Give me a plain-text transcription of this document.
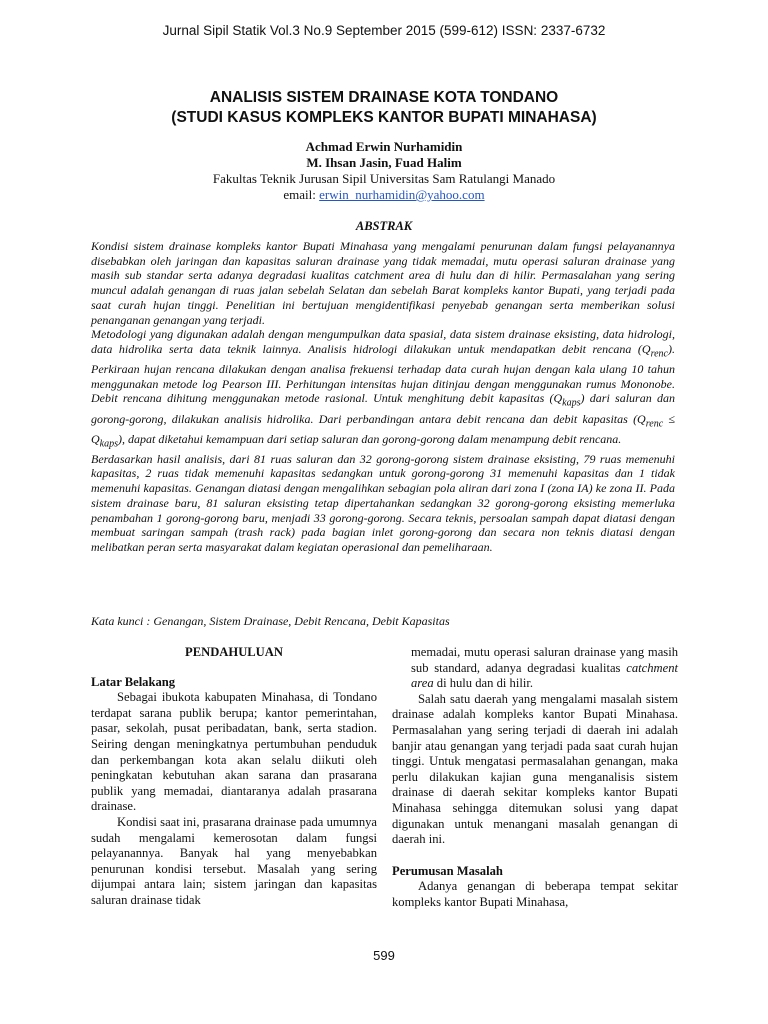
Jurnal Sipil Statik Vol.3 No.9 September 2015 (599-612) ISSN: 2337-6732
ANALISIS SISTEM DRAINASE KOTA TONDANO
(STUDI KASUS KOMPLEKS KANTOR BUPATI MINAHASA)
Achmad Erwin Nurhamidin
M. Ihsan Jasin, Fuad Halim
Fakultas Teknik Jurusan Sipil Universitas Sam Ratulangi Manado
email: erwin_nurhamidin@yahoo.com
ABSTRAK

Kondisi sistem drainase kompleks kantor Bupati Minahasa yang mengalami penurunan dalam fungsi pelayanannya disebabkan oleh jaringan dan kapasitas saluran drainase yang tidak memadai, mutu operasi saluran drainase yang masih sub standar serta adanya degradasi kualitas catchment area di hulu dan di hilir. Permasalahan yang sering muncul adalah genangan di ruas jalan sebelah Selatan dan sebelah Barat kompleks kantor Bupati, yang terjadi pada saat curah hujan tinggi. Penelitian ini bertujuan mengidentifikasi penyebab genangan serta memberikan solusi penanganan genangan yang terjadi.

Metodologi yang digunakan adalah dengan mengumpulkan data spasial, data sistem drainase eksisting, data hidrologi, data hidrolika serta data teknik lainnya. Analisis hidrologi dilakukan untuk mendapatkan debit rencana $(Q_{renc})$. Perkiraan hujan rencana dilakukan dengan analisa frekuensi terhadap data curah hujan dengan kala ulang 10 tahun menggunakan metode log Pearson III. Perhitungan intensitas hujan ditinjau dengan menggunakan rumus Mononobe. Debit rencana dihitung menggunakan metode rasional. Untuk menghitung debit kapasitas $(Q_{kaps})$ dari saluran dan gorong-gorong, dilakukan analisis hidrolika. Dari perbandingan antara debit rencana dan debit kapasitas $(Q_{renc} \le Q_{kaps})$, dapat diketahui kemampuan dari setiap saluran dan gorong-gorong dalam menampung debit rencana.

Berdasarkan hasil analisis, dari 81 ruas saluran dan 32 gorong-gorong sistem drainase eksisting, 79 ruas memenuhi kapasitas, 2 ruas tidak memenuhi kapasitas sedangkan untuk gorong-gorong 31 memenuhi kapasitas dan 1 tidak memenuhi kapasitas. Genangan diatasi dengan mengalihkan sebagian pola aliran dari zona I (zona IA) ke zona II. Pada sistem drainase baru, 81 saluran eksisting tetap dipertahankan sedangkan 32 gorong-gorong eksisting memerluka penambahan 1 gorong-gorong baru, menjadi 33 gorong-gorong. Secara teknis, persoalan sampah dapat diatasi dengan membuat saringan sampah (trash rack) pada bagian inlet gorong-gorong dan secara non teknis diatasi dengan melibatkan peran serta masyarakat dalam kegiatan operasional dan pemeliharaan.

Kata kunci : Genangan, Sistem Drainase, Debit Rencana, Debit Kapasitas
PENDAHULUAN

Latar Belakang

Sebagai ibukota kabupaten Minahasa, di Tondano terdapat sarana publik berupa; kantor pemerintahan, pasar, sekolah, pusat peribadatan, bank, serta stadion. Seiring dengan meningkatnya pertumbuhan penduduk dan perkembangan kota akan selalu diikuti oleh peningkatan kebutuhan akan sarana dan prasarana publik yang memadai, diantaranya adalah prasarana drainase.

Kondisi saat ini, prasarana drainase pada umumnya sudah mengalami kemerosotan dalam fungsi pelayanannya. Banyak hal yang menyebabkan penurunan kondisi tersebut. Masalah yang sering dijumpai antara lain; sistem jaringan dan kapasitas saluran drainase tidak

memadai, mutu operasi saluran drainase yang masih sub standard, adanya degradasi kualitas catchment area di hulu dan di hilir.

Salah satu daerah yang mengalami masalah sistem drainase adalah kompleks kantor Bupati Minahasa. Permasalahan yang sering terjadi di daerah ini adalah banjir atau genangan yang terjadi pada saat curah hujan tinggi. Untuk mengatasi permasalahan genangan, maka perlu dilakukan kajian guna menganalisis sistem drainase di daerah sekitar kompleks kantor Bupati Minahasa sehingga ditemukan solusi yang dapat digunakan untuk menangani masalah genangan di daerah ini.

Perumusan Masalah

Adanya genangan di beberapa tempat sekitar kompleks kantor Bupati Minahasa,

599
